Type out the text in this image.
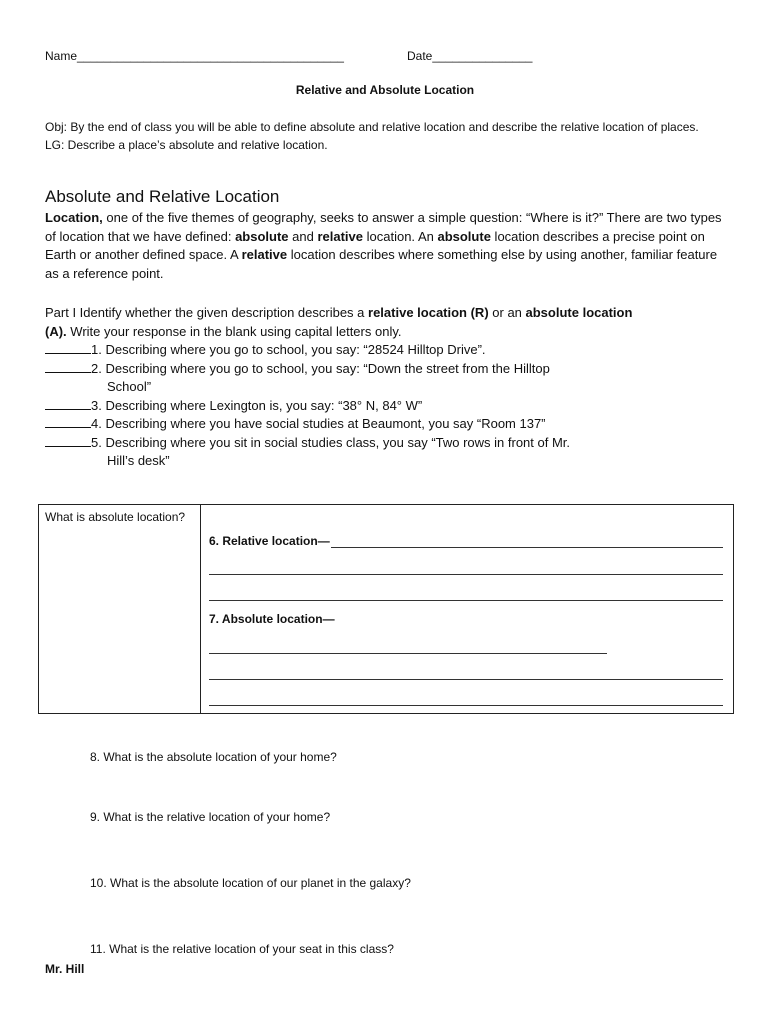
Name________________________________________	Date_______________
Relative and Absolute Location
Obj: By the end of class you will be able to define absolute and relative location and describe the relative location of places.
LG: Describe a place’s absolute and relative location.
Absolute and Relative Location
Location, one of the five themes of geography, seeks to answer a simple question: “Where is it?” There are two types of location that we have defined: absolute and relative location. An absolute location describes a precise point on Earth or another defined space. A relative location describes where something else by using another, familiar feature as a reference point.
Part I Identify whether the given description describes a relative location (R) or an absolute location
(A). Write your response in the blank using capital letters only.
1. Describing where you go to school, you say: “28524 Hilltop Drive”.
2. Describing where you go to school, you say: “Down the street from the Hilltop
School”
3. Describing where Lexington is, you say: “38° N, 84° W”
4. Describing where you have social studies at Beaumont, you say “Room 137”
5. Describing where you sit in social studies class, you say “Two rows in front of Mr.
Hill’s desk”
What is absolute location?
6. Relative location—
7. Absolute location—
8. What is the absolute location of your home?
9. What is the relative location of your home?
10. What is the absolute location of our planet in the galaxy?
11. What is the relative location of your seat in this class?
Mr. Hill
